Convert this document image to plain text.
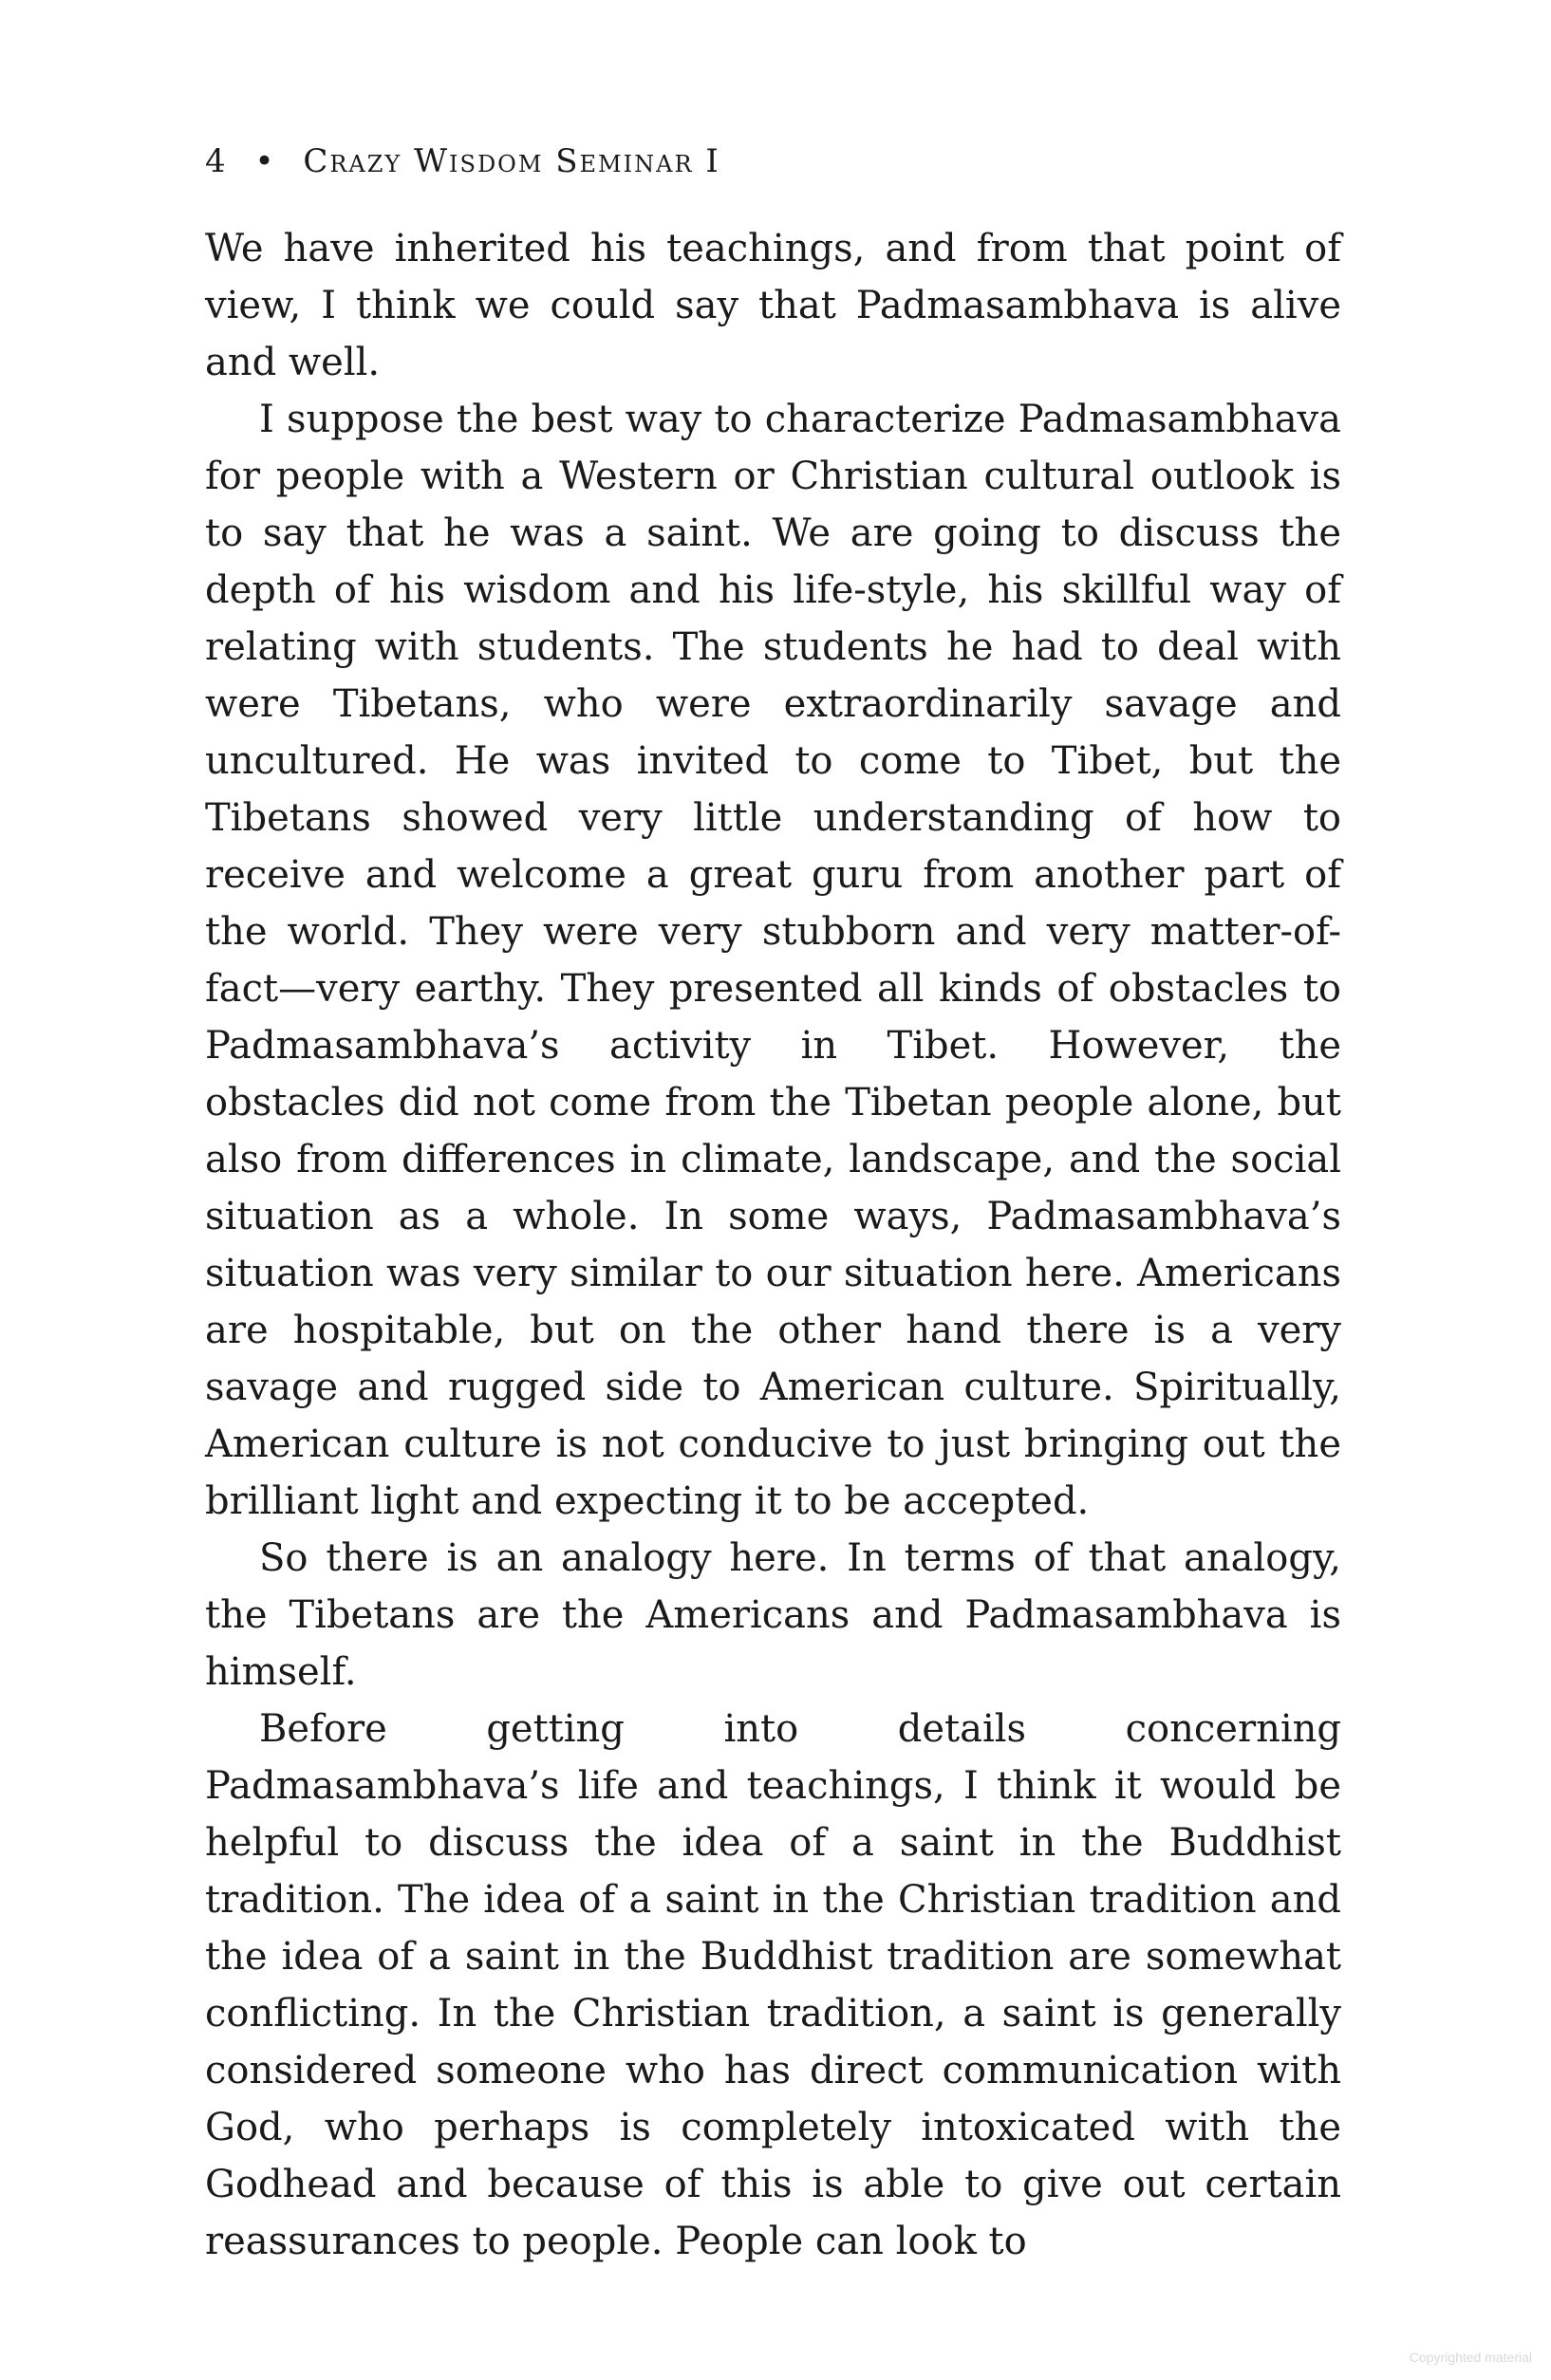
4 • Crazy Wisdom Seminar I

We have inherited his teachings, and from that point of view, I think we could say that Padmasambhava is alive and well.

I suppose the best way to characterize Padmasambhava for people with a Western or Christian cultural outlook is to say that he was a saint. We are going to discuss the depth of his wisdom and his life-style, his skillful way of relating with students. The students he had to deal with were Tibetans, who were extraordinarily savage and uncultured. He was invited to come to Tibet, but the Tibetans showed very little understanding of how to receive and welcome a great guru from another part of the world. They were very stubborn and very matter-of-fact—very earthy. They presented all kinds of obstacles to Padmasambhava’s activity in Tibet. However, the obstacles did not come from the Tibetan people alone, but also from differences in climate, landscape, and the social situation as a whole. In some ways, Padmasambhava’s situation was very similar to our situation here. Americans are hospitable, but on the other hand there is a very savage and rugged side to American culture. Spiritually, American culture is not conducive to just bringing out the brilliant light and expecting it to be accepted.

So there is an analogy here. In terms of that analogy, the Tibetans are the Americans and Padmasambhava is himself.

Before getting into details concerning Padmasambhava’s life and teachings, I think it would be helpful to discuss the idea of a saint in the Buddhist tradition. The idea of a saint in the Christian tradition and the idea of a saint in the Buddhist tradition are somewhat conflicting. In the Christian tradition, a saint is generally considered someone who has direct communication with God, who perhaps is completely intoxicated with the Godhead and because of this is able to give out certain reassurances to people. People can look to

Copyrighted material
